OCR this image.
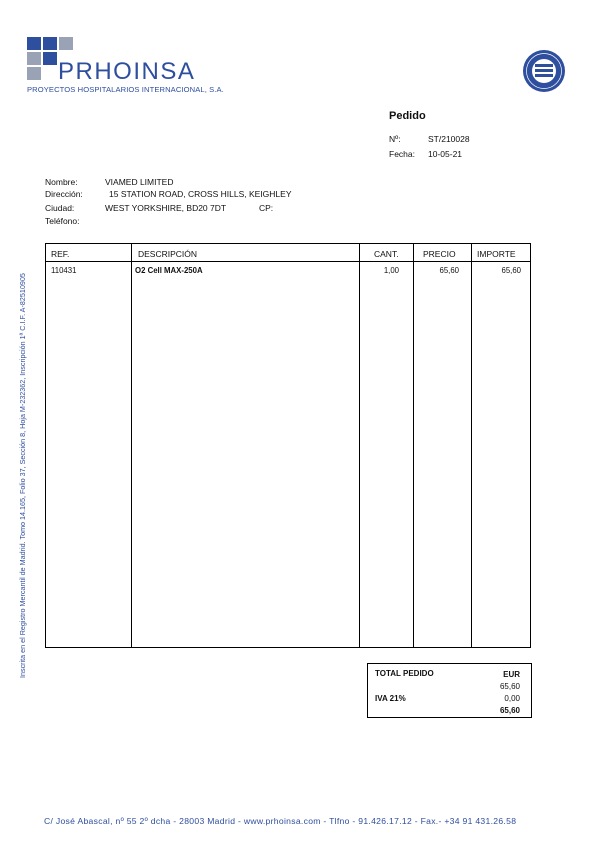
PRHOINSA
PROYECTOS HOSPITALARIOS INTERNACIONAL, S.A.
Inscrita en el Registro Mercantil de Madrid. Tomo 14.165, Folio 37, Sección 8, Hoja M-232362, Inscripción 1ª C.I.F. A-82510905
Pedido
Nº:	ST/210028
Fecha: 10-05-21
Nombre:	VIAMED LIMITED
Dirección:	15 STATION ROAD, CROSS HILLS, KEIGHLEY
Ciudad:	WEST YORKSHIRE, BD20 7DT	CP:
Teléfono:
REF.	DESCRIPCIÓN	CANT.	PRECIO	IMPORTE
110431	O2 Cell MAX-250A	1,00	65,60	65,60
TOTAL PEDIDO	EUR
65,60
IVA 21%	0,00
65,60
C/ José Abascal, nº 55 2º dcha - 28003 Madrid - www.prhoinsa.com - Tlfno - 91.426.17.12 - Fax.- +34 91 431.26.58
